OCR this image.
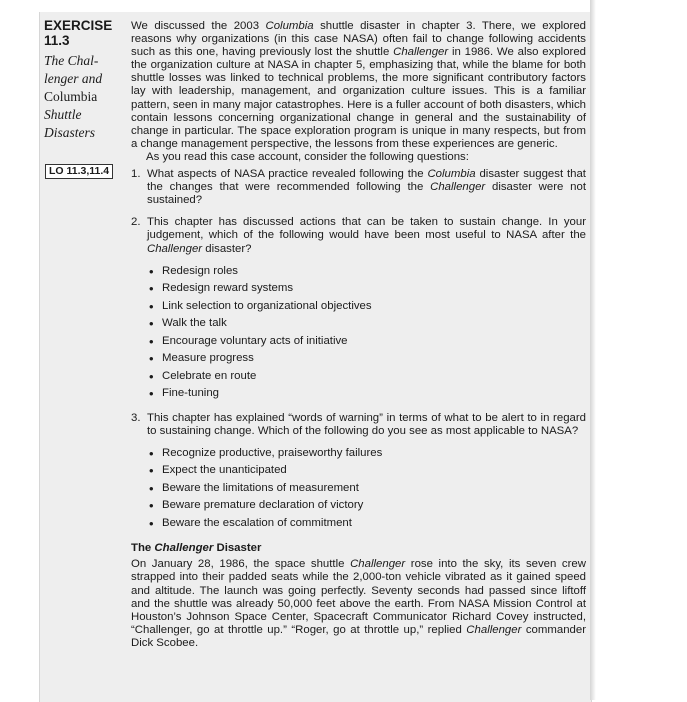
EXERCISE
11.3
The Chal-
lenger and
Columbia
Shuttle
Disasters
LO 11.3,11.4

We discussed the 2003 Columbia shuttle disaster in chapter 3. There, we explored reasons why organizations (in this case NASA) often fail to change following accidents such as this one, having previously lost the shuttle Challenger in 1986. We also explored the organization culture at NASA in chapter 5, emphasizing that, while the blame for both shuttle losses was linked to technical problems, the more significant contributory factors lay with leadership, management, and organization culture issues. This is a familiar pattern, seen in many major catastrophes. Here is a fuller account of both disasters, which contain lessons concerning organizational change in general and the sustainability of change in particular. The space exploration program is unique in many respects, but from a change management perspective, the lessons from these experiences are generic.

As you read this case account, consider the following questions:

1. What aspects of NASA practice revealed following the Columbia disaster suggest that the changes that were recommended following the Challenger disaster were not sustained?
2. This chapter has discussed actions that can be taken to sustain change. In your judgement, which of the following would have been most useful to NASA after the Challenger disaster?
• Redesign roles
• Redesign reward systems
• Link selection to organizational objectives
• Walk the talk
• Encourage voluntary acts of initiative
• Measure progress
• Celebrate en route
• Fine-tuning
3. This chapter has explained “words of warning” in terms of what to be alert to in regard to sustaining change. Which of the following do you see as most applicable to NASA?
• Recognize productive, praiseworthy failures
• Expect the unanticipated
• Beware the limitations of measurement
• Beware premature declaration of victory
• Beware the escalation of commitment
The Challenger Disaster

On January 28, 1986, the space shuttle Challenger rose into the sky, its seven crew strapped into their padded seats while the 2,000-ton vehicle vibrated as it gained speed and altitude. The launch was going perfectly. Seventy seconds had passed since liftoff and the shuttle was already 50,000 feet above the earth. From NASA Mission Control at Houston’s Johnson Space Center, Spacecraft Communicator Richard Covey instructed, “Challenger, go at throttle up.” “Roger, go at throttle up,” replied Challenger commander Dick Scobee.
